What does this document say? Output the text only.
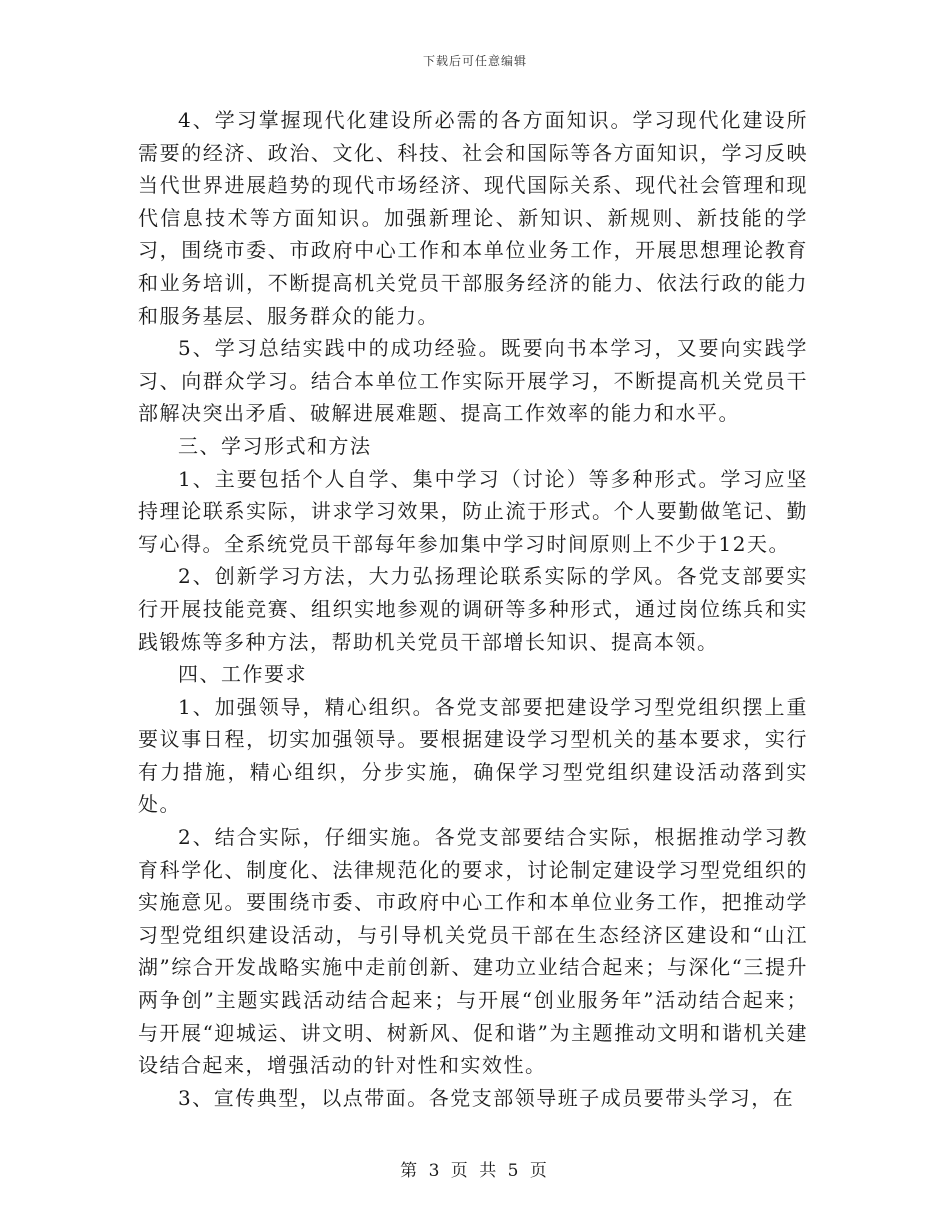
下载后可任意编辑

4、学习掌握现代化建设所必需的各方面知识。学习现代化建设所需要的经济、政治、文化、科技、社会和国际等各方面知识，学习反映当代世界进展趋势的现代市场经济、现代国际关系、现代社会管理和现代信息技术等方面知识。加强新理论、新知识、新规则、新技能的学习，围绕市委、市政府中心工作和本单位业务工作，开展思想理论教育和业务培训，不断提高机关党员干部服务经济的能力、依法行政的能力和服务基层、服务群众的能力。

5、学习总结实践中的成功经验。既要向书本学习，又要向实践学习、向群众学习。结合本单位工作实际开展学习，不断提高机关党员干部解决突出矛盾、破解进展难题、提高工作效率的能力和水平。

三、学习形式和方法

1、主要包括个人自学、集中学习（讨论）等多种形式。学习应坚持理论联系实际，讲求学习效果，防止流于形式。个人要勤做笔记、勤写心得。全系统党员干部每年参加集中学习时间原则上不少于12天。

2、创新学习方法，大力弘扬理论联系实际的学风。各党支部要实行开展技能竞赛、组织实地参观的调研等多种形式，通过岗位练兵和实践锻炼等多种方法，帮助机关党员干部增长知识、提高本领。

四、工作要求

1、加强领导，精心组织。各党支部要把建设学习型党组织摆上重要议事日程，切实加强领导。要根据建设学习型机关的基本要求，实行有力措施，精心组织，分步实施，确保学习型党组织建设活动落到实处。

2、结合实际，仔细实施。各党支部要结合实际，根据推动学习教育科学化、制度化、法律规范化的要求，讨论制定建设学习型党组织的实施意见。要围绕市委、市政府中心工作和本单位业务工作，把推动学习型党组织建设活动，与引导机关党员干部在生态经济区建设和“山江湖”综合开发战略实施中走前创新、建功立业结合起来；与深化“三提升两争创”主题实践活动结合起来；与开展“创业服务年”活动结合起来；与开展“迎城运、讲文明、树新风、促和谐”为主题推动文明和谐机关建设结合起来，增强活动的针对性和实效性。

3、宣传典型，以点带面。各党支部领导班子成员要带头学习，在

第 3 页 共 5 页
